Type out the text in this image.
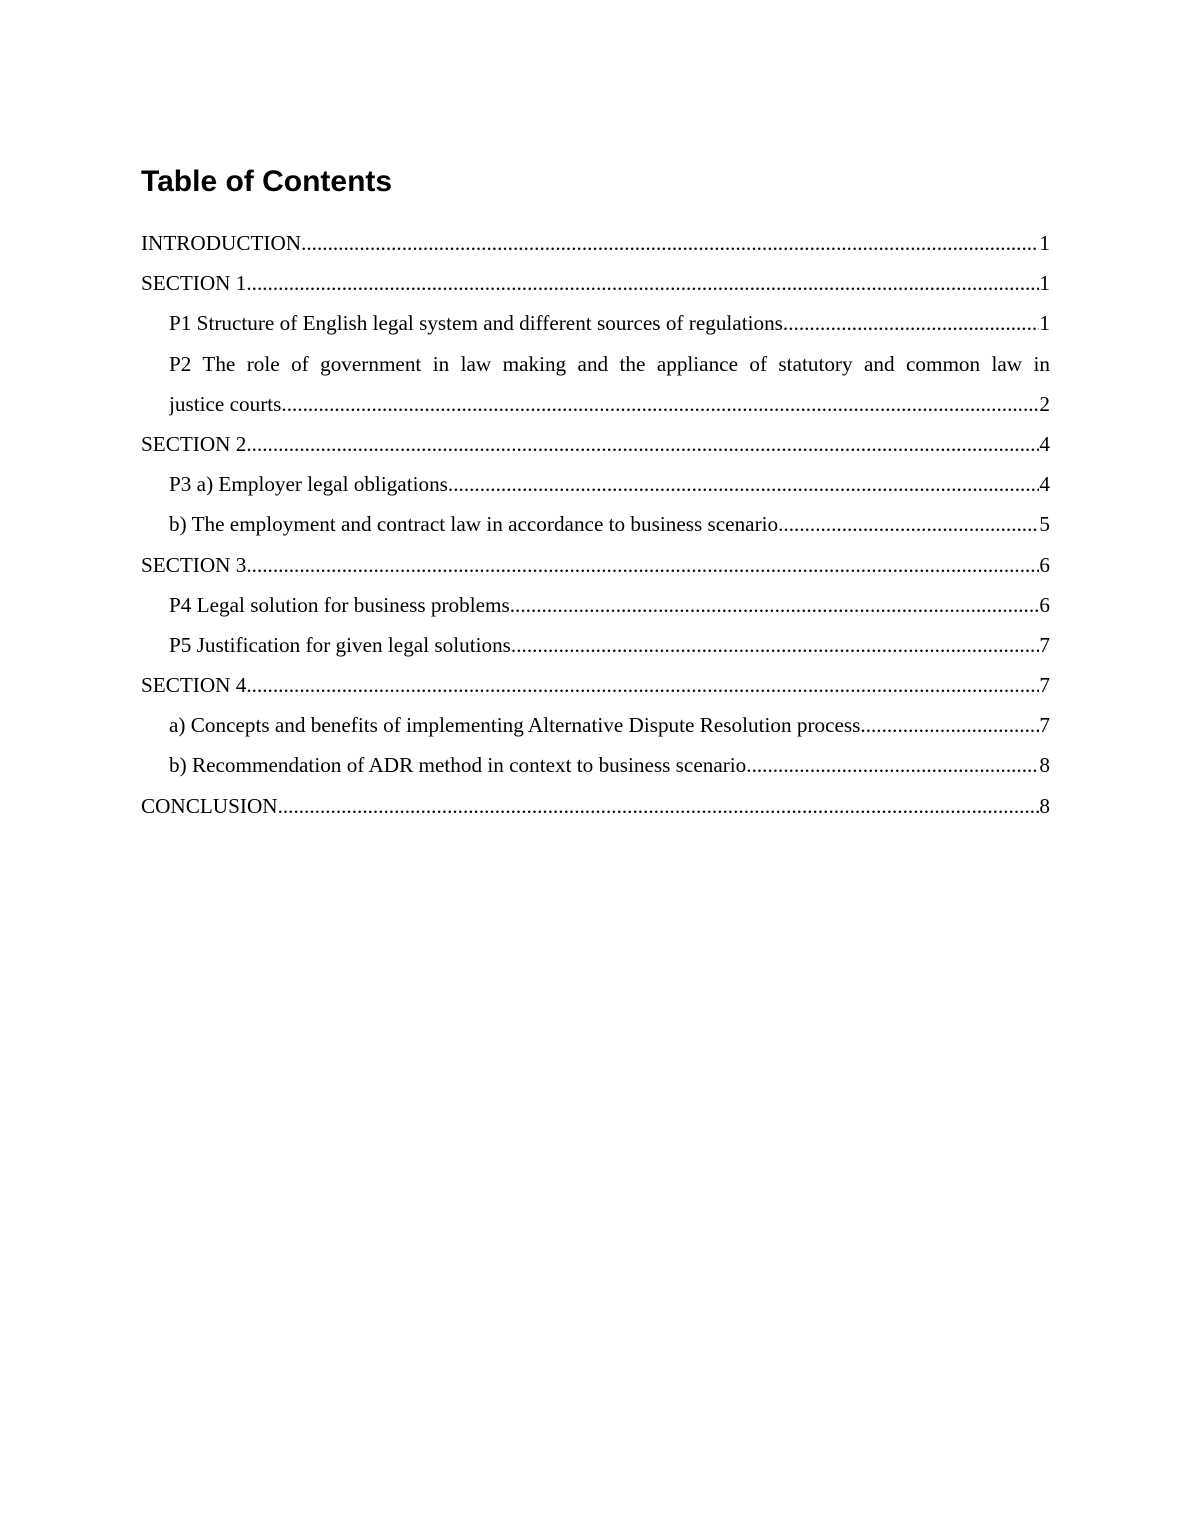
Table of Contents
INTRODUCTION .....	1
SECTION 1 .....	1
P1 Structure of English legal system and different sources of regulations .....	1
P2 The role of government in law making and the appliance of statutory and common law in
justice courts .....	2
SECTION 2 .....	4
P3 a) Employer legal obligations .....	4
b) The employment and contract law in accordance to business scenario .....	5
SECTION 3 .....	6
P4 Legal solution for business problems .....	6
P5 Justification for given legal solutions .....	7
SECTION 4 .....	7
a) Concepts and benefits of implementing Alternative Dispute Resolution process .....	7
b) Recommendation of ADR method in context to business scenario .....	8
CONCLUSION .....	8
